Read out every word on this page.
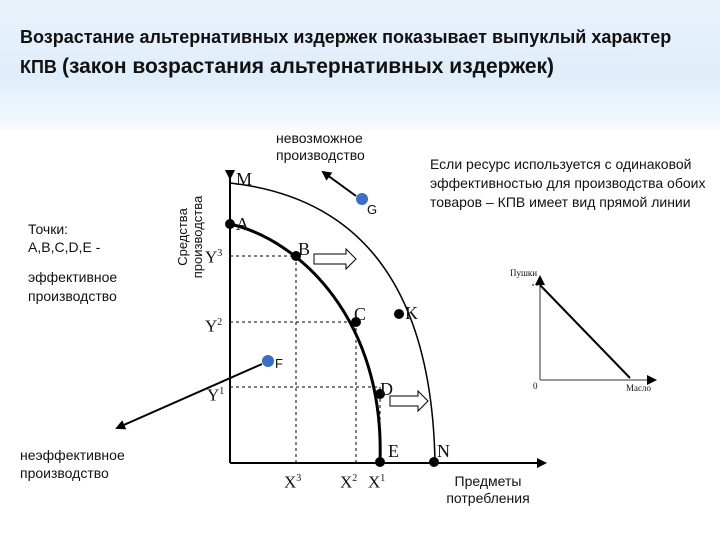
Возрастание альтернативных издержек показывает выпуклый характер КПВ (закон возрастания альтернативных издержек)
Средства производства
Предметы потребления
Точки:
A,B,C,D,E -
эффективное производство
неэффективное производство
невозможное производство
Если ресурс используется с одинаковой эффективностью для производства обоих товаров – КПВ имеет вид прямой линии
M
A
B
C
D
E N
K
G
F
$Y^3$
$Y^2$
$Y^1$
$X^3$ $X^2$ $X^1$
Пушки
Масло
0
